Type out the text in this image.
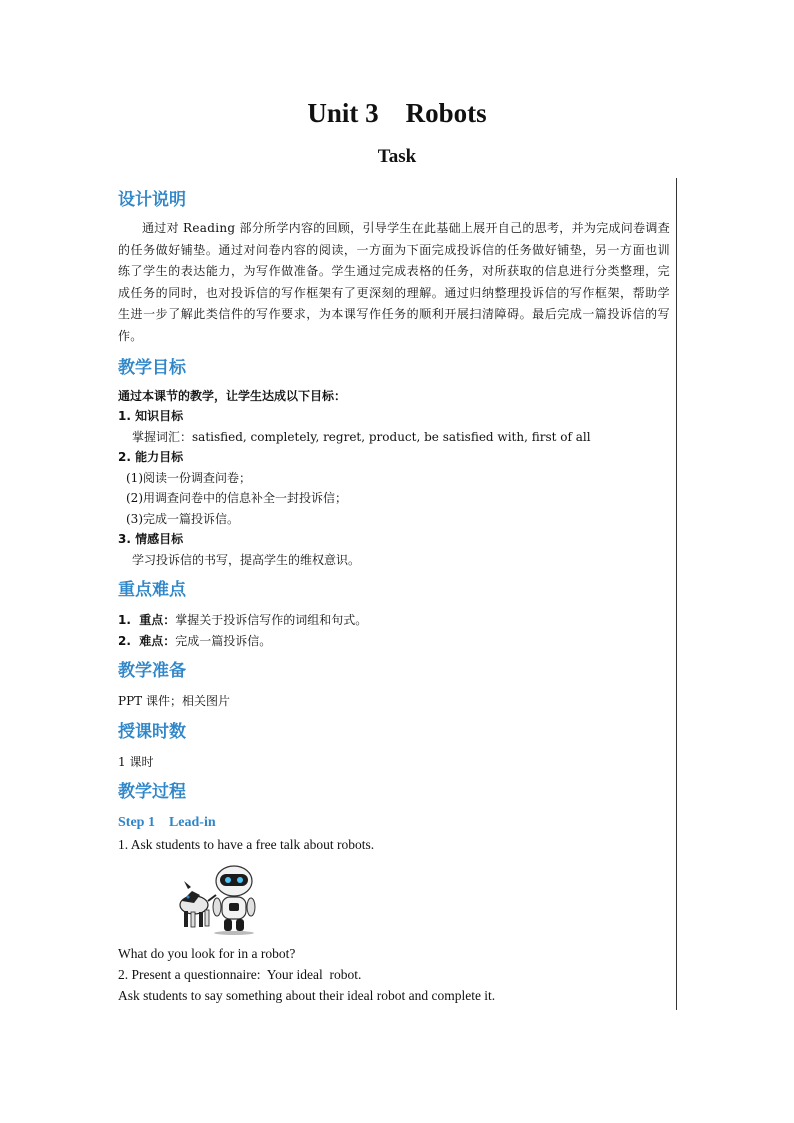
Unit 3    Robots
Task
设计说明

通过对 Reading 部分所学内容的回顾，引导学生在此基础上展开自己的思考，并为完成问卷调查的任务做好铺垫。通过对问卷内容的阅读，一方面为下面完成投诉信的任务做好铺垫，另一方面也训练了学生的表达能力，为写作做准备。学生通过完成表格的任务，对所获取的信息进行分类整理，完成任务的同时，也对投诉信的写作框架有了更深刻的理解。通过归纳整理投诉信的写作框架，帮助学生进一步了解此类信件的写作要求，为本课写作任务的顺利开展扫清障碍。最后完成一篇投诉信的写作。

教学目标

通过本课节的教学，让学生达成以下目标：

1. 知识目标

掌握词汇：satisfied, completely, regret, product, be satisfied with, first of all

2. 能力目标

(1)阅读一份调查问卷；

(2)用调查问卷中的信息补全一封投诉信；

(3)完成一篇投诉信。

3. 情感目标

学习投诉信的书写，提高学生的维权意识。

重点难点

1.  重点：掌握关于投诉信写作的词组和句式。

2.  难点：完成一篇投诉信。

教学准备

PPT 课件；相关图片

授课时数

1 课时

教学过程

Step 1    Lead-in

1. Ask students to have a free talk about robots.

What do you look for in a robot?

2. Present a questionnaire:  Your ideal  robot.

Ask students to say something about their ideal robot and complete it.
